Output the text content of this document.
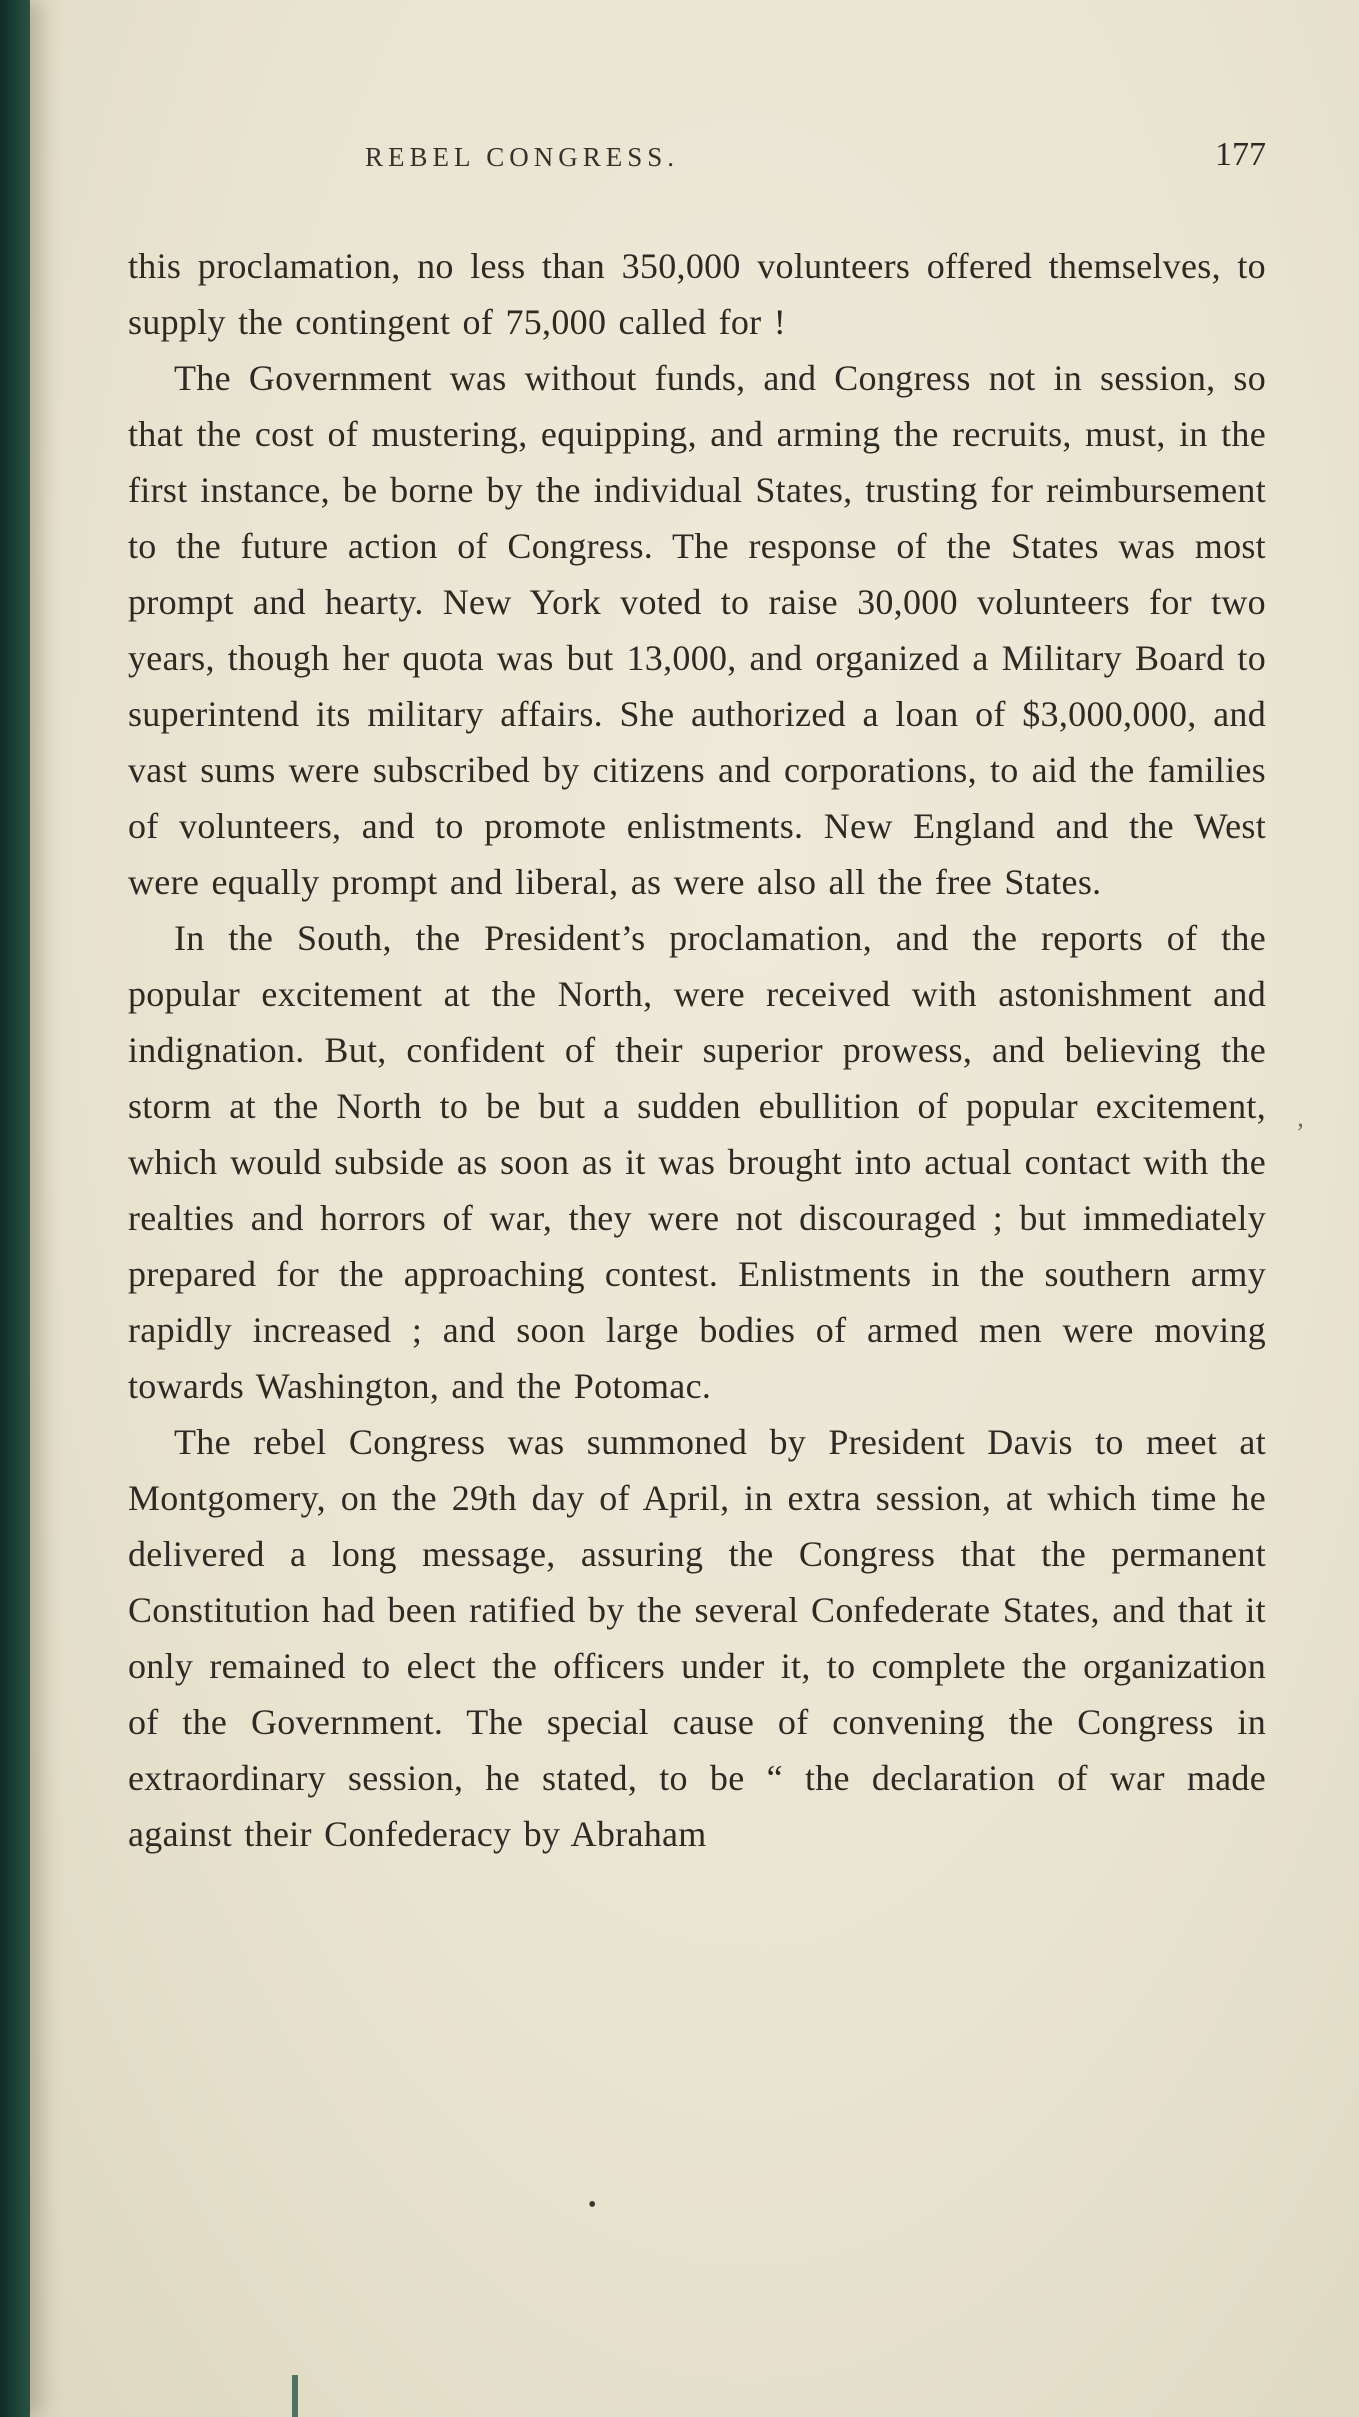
REBEL CONGRESS.	177

this proclamation, no less than 350,000 volunteers offered themselves, to supply the contingent of 75,000 called for !

The Government was without funds, and Congress not in session, so that the cost of mustering, equipping, and arming the recruits, must, in the first instance, be borne by the individual States, trusting for reimbursement to the future action of Congress. The response of the States was most prompt and hearty. New York voted to raise 30,000 volunteers for two years, though her quota was but 13,000, and organized a Military Board to superintend its military affairs. She authorized a loan of $3,000,000, and vast sums were subscribed by citizens and corporations, to aid the families of volunteers, and to promote enlistments. New England and the West were equally prompt and liberal, as were also all the free States.

In the South, the President’s proclamation, and the reports of the popular excitement at the North, were received with astonishment and indignation. But, confident of their superior prowess, and believing the storm at the North to be but a sudden ebullition of popular excitement, which would subside as soon as it was brought into actual contact with the realties and horrors of war, they were not discouraged ; but immediately prepared for the approaching contest. Enlistments in the southern army rapidly increased ; and soon large bodies of armed men were moving towards Washington, and the Potomac.

The rebel Congress was summoned by President Davis to meet at Montgomery, on the 29th day of April, in extra session, at which time he delivered a long message, assuring the Congress that the permanent Constitution had been ratified by the several Confederate States, and that it only remained to elect the officers under it, to complete the organization of the Government. The special cause of convening the Congress in extraordinary session, he stated, to be “ the declaration of war made against their Confederacy by Abraham

•
’
